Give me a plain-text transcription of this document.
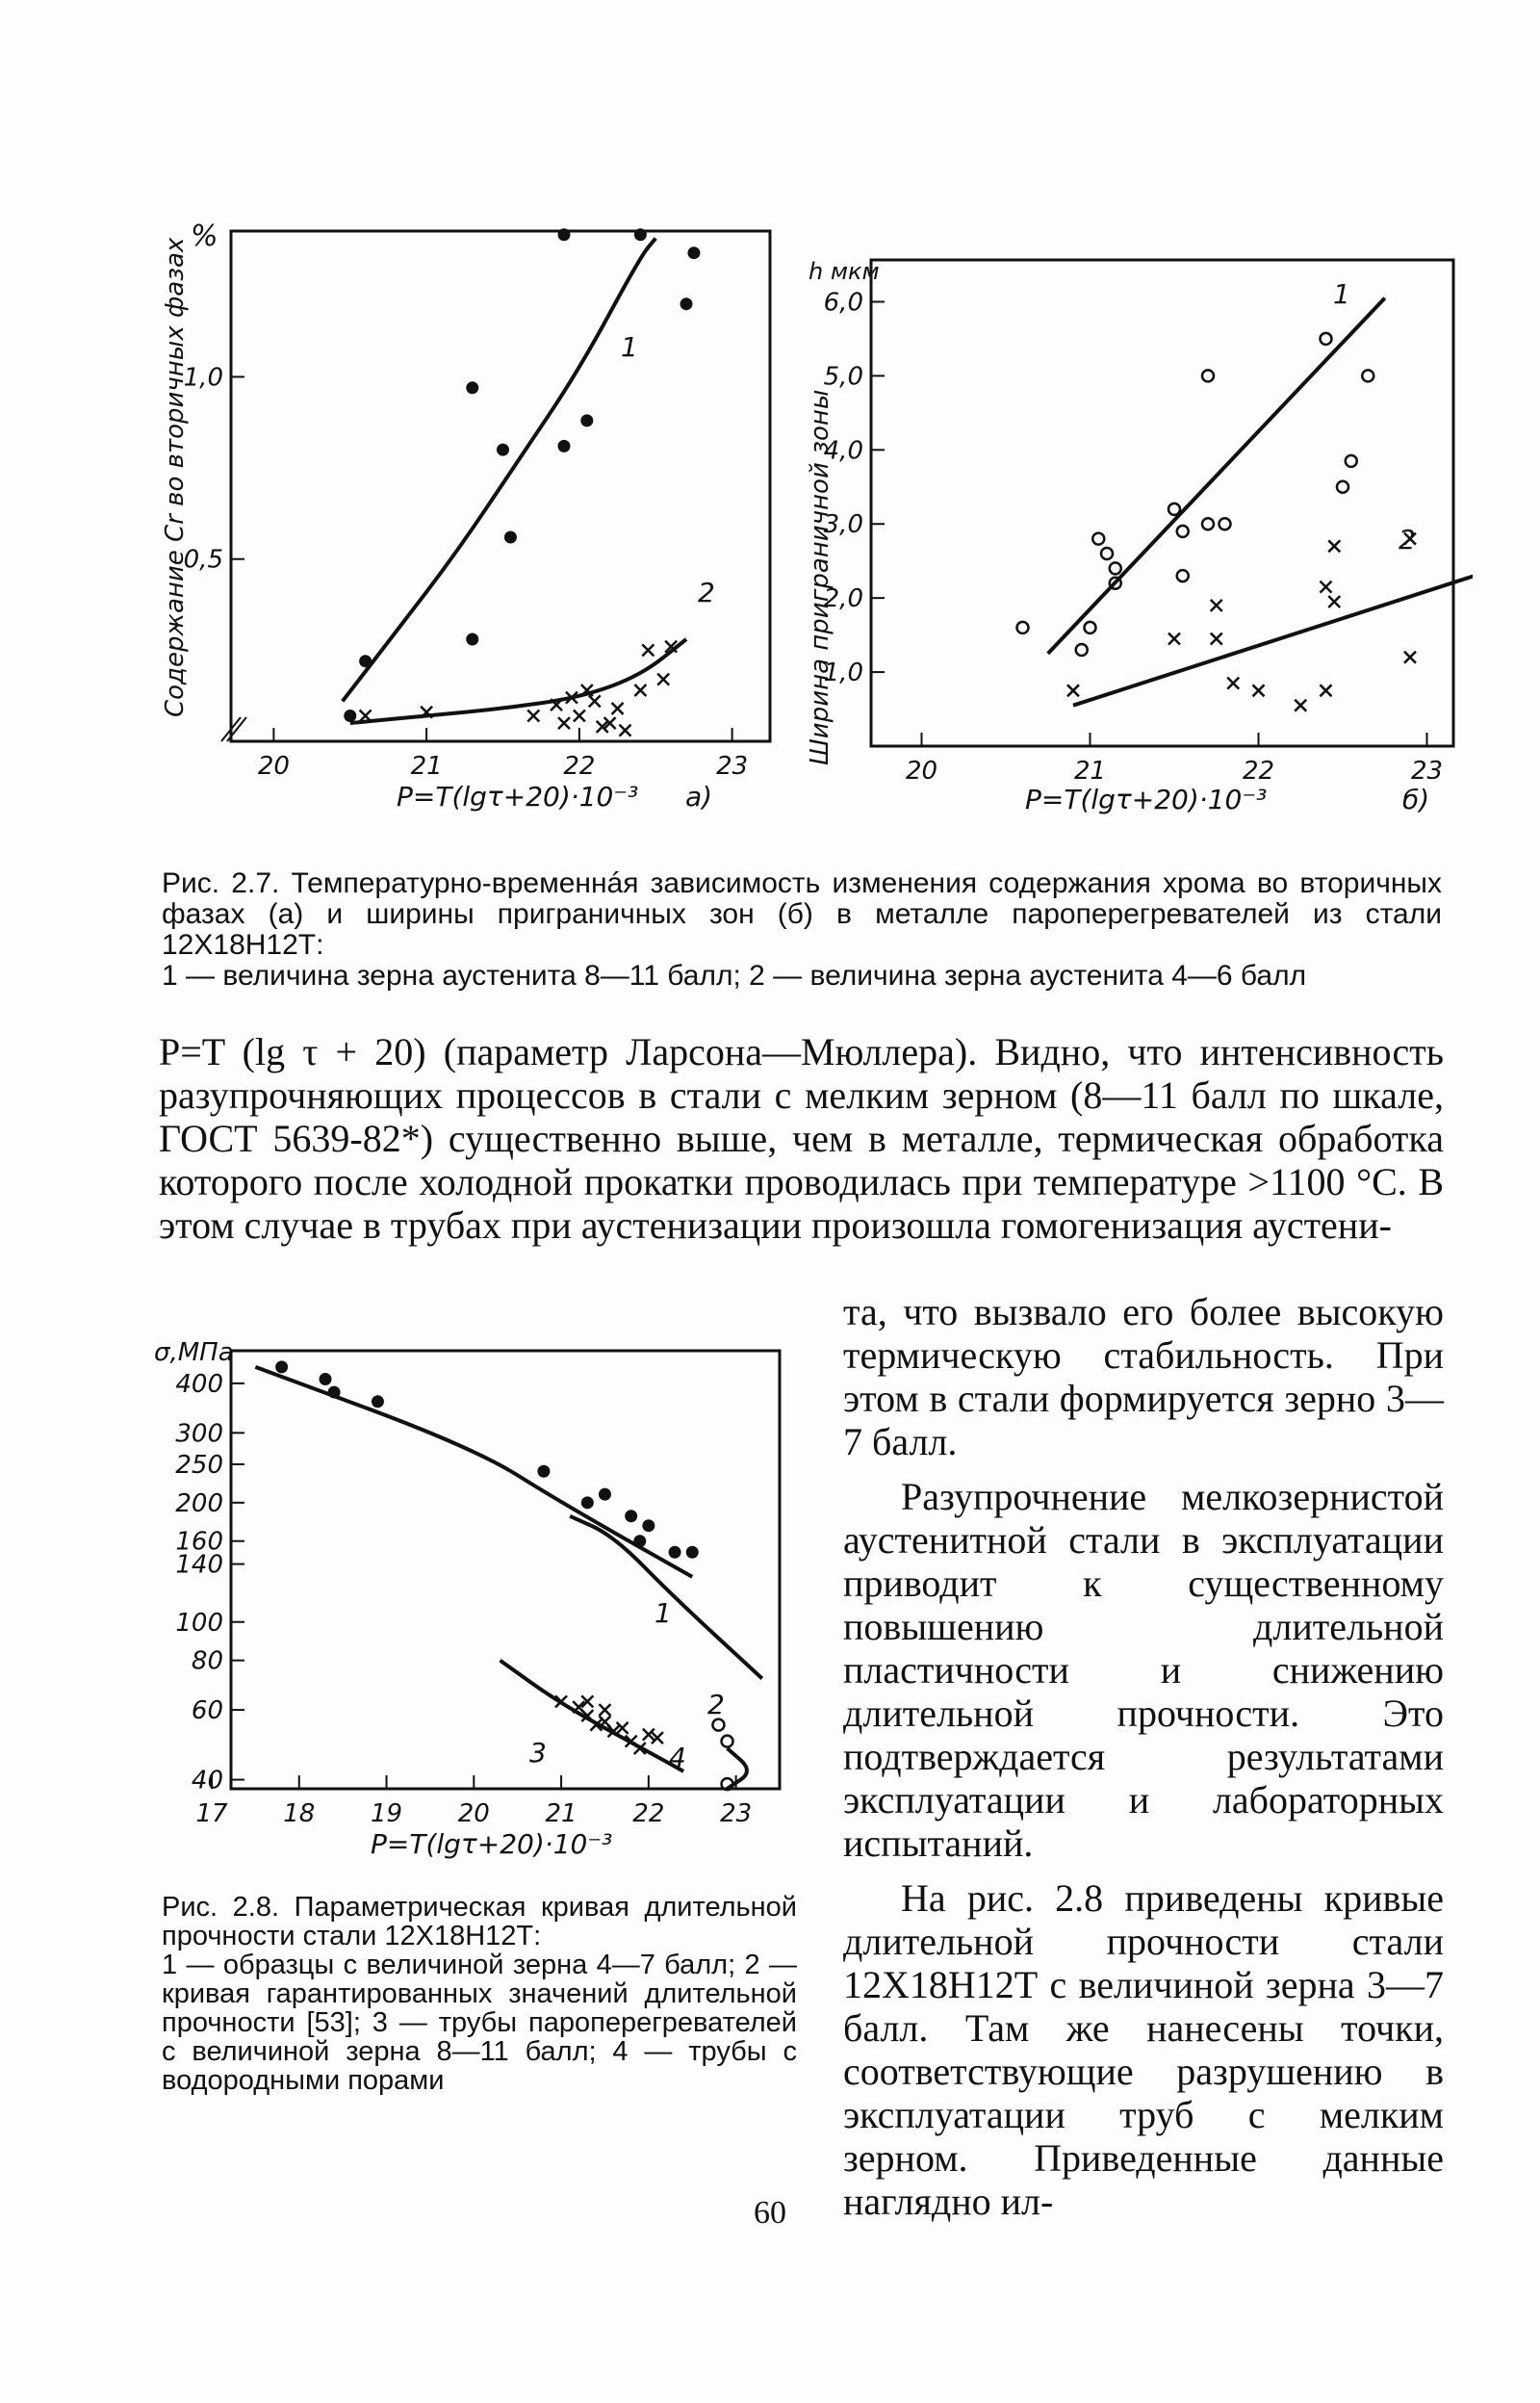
%
Содержание Cr во вторичных фазах
1,0
0,5
20	21	22	23
1
2
P=T(lgτ+20)·10⁻³ а)
h мкм
Ширина приграничной зоны
6,0
5,0
4,0
3,0
2,0
1,0
20	21	22	23
1
2
P=T(lgτ+20)·10⁻³	б)

Рис. 2.7. Температурно-временнáя зависимость изменения содержания хрома во вторичных фазах (а) и ширины приграничных зон (б) в металле пароперегревателей из стали 12Х18Н12Т:

1 — величина зерна аустенита 8—11 балл; 2 — величина зерна аустенита 4—6 балл

P=T (lg τ + 20) (параметр Ларсона—Мюллера). Видно, что интенсивность разупрочняющих процессов в стали с мелким зерном (8—11 балл по шкале, ГОСТ 5639-82*) существенно выше, чем в металле, термическая обработка которого после холодной прокатки проводилась при температуре >1100 °С. В этом случае в трубах при аустенизации произошла гомогенизация аустени-

σ,МПа
400
300
250
200
160
140
100
80
60
40
17 18 19 20 21 22 23
1
2
3	4
P=T(lgτ+20)·10⁻³

Рис. 2.8. Параметрическая кривая длительной прочности стали 12Х18Н12Т:

1 — образцы с величиной зерна 4—7 балл; 2 — кривая гарантированных значений длительной прочности [53]; 3 — трубы пароперегревателей с величиной зерна 8—11 балл; 4 — трубы с водородными порами

та, что вызвало его более высокую термическую стабильность. При этом в стали формируется зерно 3—7 балл.

Разупрочнение мелкозернистой аустенитной стали в эксплуатации приводит к существенному повышению длительной пластичности и снижению длительной прочности. Это подтверждается результатами эксплуатации и лабораторных испытаний.

На рис. 2.8 приведены кривые длительной прочности стали 12Х18Н12Т с величиной зерна 3—7 балл. Там же нанесены точки, соответствующие разрушению в эксплуатации труб с мелким зерном. Приведенные данные наглядно ил-

60
